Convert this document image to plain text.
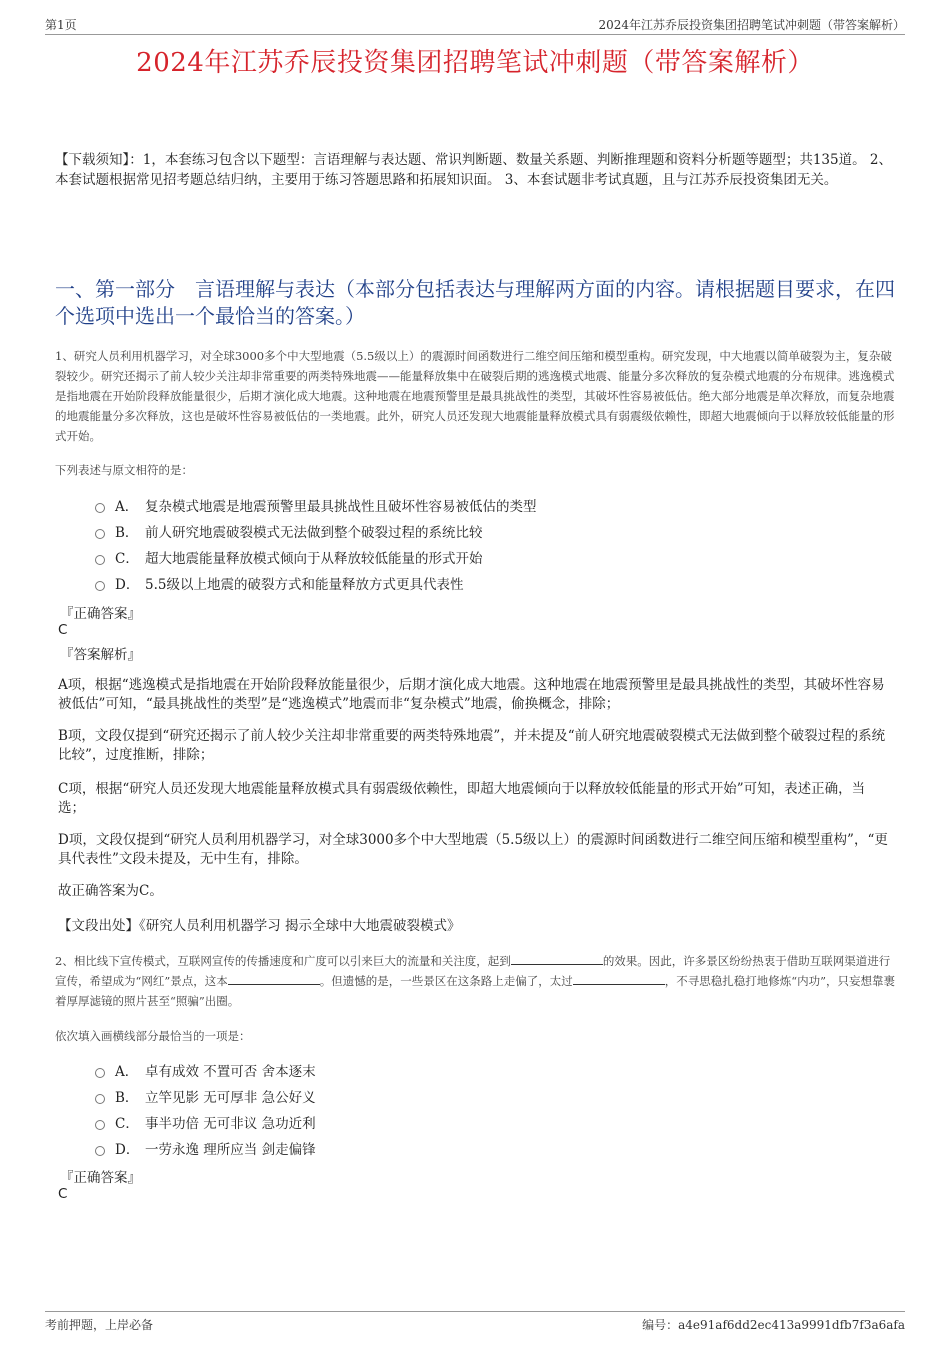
第1页	2024年江苏乔辰投资集团招聘笔试冲刺题（带答案解析）
2024年江苏乔辰投资集团招聘笔试冲刺题（带答案解析）
【下载须知】：1，本套练习包含以下题型：言语理解与表达题、常识判断题、数量关系题、判断推理题和资料分析题等题型；共135道。 2、本套试题根据常见招考题总结归纳，主要用于练习答题思路和拓展知识面。 3、本套试题非考试真题，且与江苏乔辰投资集团无关。
一、第一部分　言语理解与表达（本部分包括表达与理解两方面的内容。请根据题目要求，在四个选项中选出一个最恰当的答案。）
1、研究人员利用机器学习，对全球3000多个中大型地震（5.5级以上）的震源时间函数进行二维空间压缩和模型重构。研究发现，中大地震以简单破裂为主，复杂破裂较少。研究还揭示了前人较少关注却非常重要的两类特殊地震——能量释放集中在破裂后期的逃逸模式地震、能量分多次释放的复杂模式地震的分布规律。逃逸模式是指地震在开始阶段释放能量很少，后期才演化成大地震。这种地震在地震预警里是最具挑战性的类型，其破坏性容易被低估。绝大部分地震是单次释放，而复杂地震的地震能量分多次释放，这也是破坏性容易被低估的一类地震。此外，研究人员还发现大地震能量释放模式具有弱震级依赖性，即超大地震倾向于以释放较低能量的形式开始。
下列表述与原文相符的是：
A． 复杂模式地震是地震预警里最具挑战性且破坏性容易被低估的类型
B． 前人研究地震破裂模式无法做到整个破裂过程的系统比较
C． 超大地震能量释放模式倾向于从释放较低能量的形式开始
D． 5.5级以上地震的破裂方式和能量释放方式更具代表性
『正确答案』
C
『答案解析』
A项，根据“逃逸模式是指地震在开始阶段释放能量很少，后期才演化成大地震。这种地震在地震预警里是最具挑战性的类型，其破坏性容易被低估”可知，“最具挑战性的类型”是“逃逸模式”地震而非“复杂模式”地震，偷换概念，排除；
B项，文段仅提到“研究还揭示了前人较少关注却非常重要的两类特殊地震”，并未提及“前人研究地震破裂模式无法做到整个破裂过程的系统比较”，过度推断，排除；
C项，根据“研究人员还发现大地震能量释放模式具有弱震级依赖性，即超大地震倾向于以释放较低能量的形式开始”可知，表述正确，当选；
D项，文段仅提到“研究人员利用机器学习，对全球3000多个中大型地震（5.5级以上）的震源时间函数进行二维空间压缩和模型重构”，“更具代表性”文段未提及，无中生有，排除。
故正确答案为C。
【文段出处】《研究人员利用机器学习 揭示全球中大地震破裂模式》
2、相比线下宣传模式，互联网宣传的传播速度和广度可以引来巨大的流量和关注度，起到	的效果。因此，许多景区纷纷热衷于借助互联网渠道进行宣传，希望成为“网红”景点，这本	。但遗憾的是，一些景区在这条路上走偏了，太过	，不寻思稳扎稳打地修炼“内功”，只妄想靠裹着厚厚滤镜的照片甚至“照骗”出圈。
依次填入画横线部分最恰当的一项是：
A． 卓有成效 不置可否 舍本逐末
B． 立竿见影 无可厚非 急公好义
C． 事半功倍 无可非议 急功近利
D． 一劳永逸 理所应当 剑走偏锋
『正确答案』
C
考前押题，上岸必备	编号：a4e91af6dd2ec413a9991dfb7f3a6afa
